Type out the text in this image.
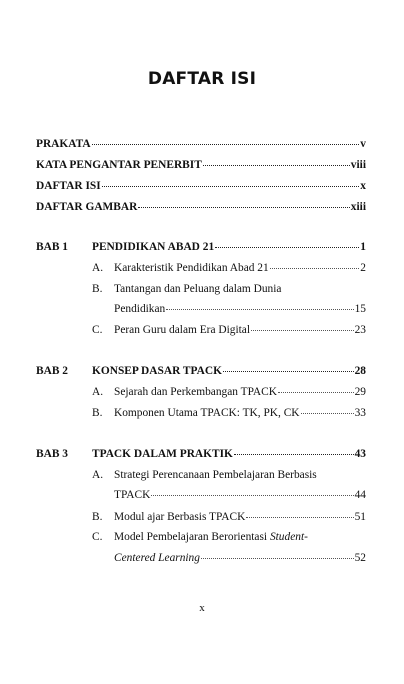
DAFTAR ISI
PRAKATA	v
KATA PENGANTAR PENERBIT	viii
DAFTAR ISI	x
DAFTAR GAMBAR	xiii
BAB 1 PENDIDIKAN ABAD 21	1
A. Karakteristik Pendidikan Abad 21	2
B. Tantangan dan Peluang dalam Dunia
Pendidikan	15
C. Peran Guru dalam Era Digital	23
BAB 2 KONSEP DASAR TPACK	28
A. Sejarah dan Perkembangan TPACK	29
B. Komponen Utama TPACK: TK, PK, CK	33
BAB 3 TPACK DALAM PRAKTIK	43
A. Strategi Perencanaan Pembelajaran Berbasis
TPACK	44
B. Modul ajar Berbasis TPACK	51
C. Model Pembelajaran Berorientasi Student-
Centered Learning	52
x
